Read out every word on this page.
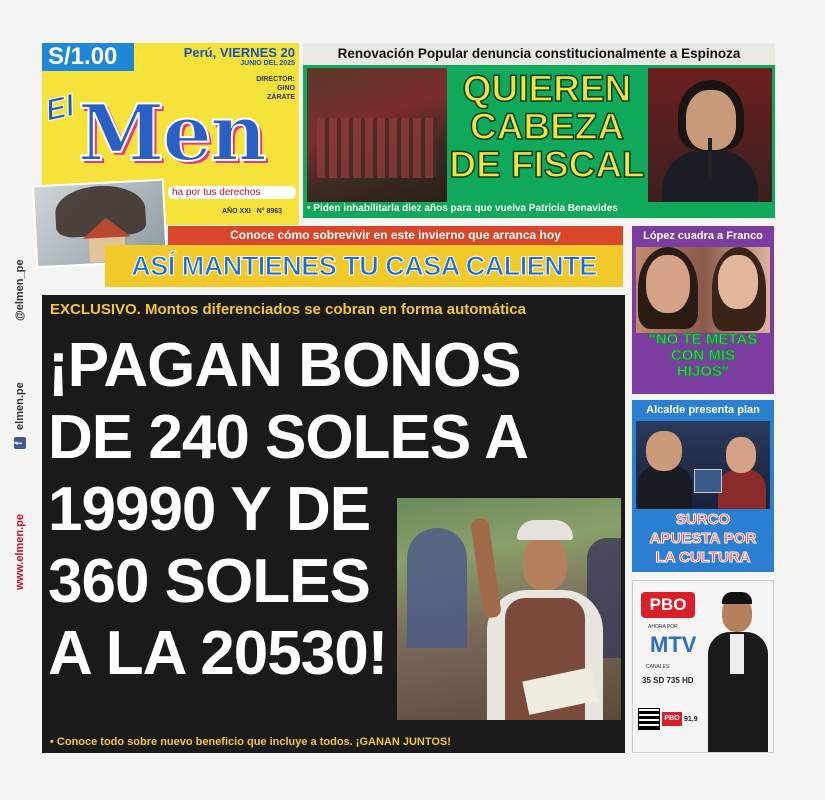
www.elmen.pe
f elmen.pe
@elmen_pe
S/1.00	Perú, VIERNES 20
JUNIO DEL 2025
DIRECTOR:
GINO
ZÁRATE
Men
El
ha por tus derechos
AÑO XXI N° 8963
Renovación Popular denuncia constitucionalmente a Espinoza
QUIEREN
CABEZA
DE FISCAL
• Piden inhabilitarla diez años para que vuelva Patricia Benavides
Conoce cómo sobrevivir en este invierno que arranca hoy
ASÍ MANTIENES TU CASA CALIENTE
EXCLUSIVO. Montos diferenciados se cobran en forma automática
¡PAGAN BONOS
DE 240 SOLES A
19990 Y DE
360 SOLES
A LA 20530!
• Conoce todo sobre nuevo beneficio que incluye a todos. ¡GANAN JUNTOS!
López cuadra a Franco
"NO TE METAS
CON MIS
HIJOS"
Alcalde presenta plan
SURCO
APUESTA POR
LA CULTURA
PBO
AHORA POR
MTV
CANALES
35 SD 735 HD
PBO 91.9
